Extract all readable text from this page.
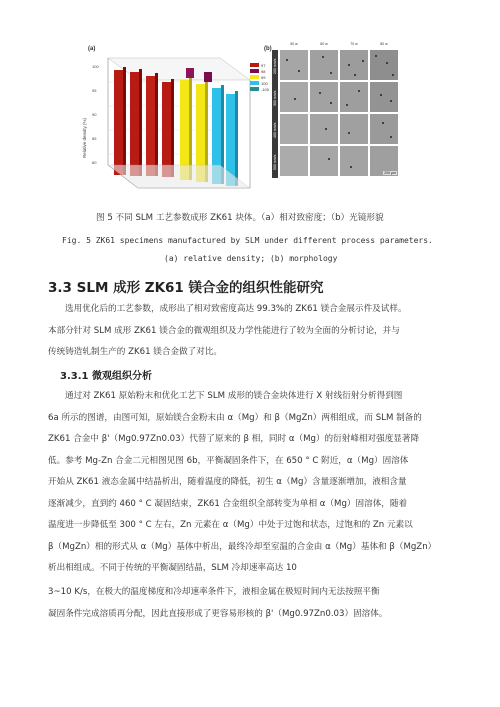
(a)
Relative density (%)
100
95
90
85
80
97
98
99
100
-100
(b)
50 w	60 w	70 w	80 w
200 μm
200 mm/s
300 mm/s
400 mm/s
500 mm/s
图 5 不同 SLM 工艺参数成形 ZK61 块体。（a）相对致密度；（b）光镜形貌
Fig. 5 ZK61 specimens manufactured by SLM under different process parameters.
(a) relative density; (b) morphology
3.3 SLM 成形 ZK61 镁合金的组织性能研究
选用优化后的工艺参数，成形出了相对致密度高达 99.3%的 ZK61 镁合金展示件及试样。
本部分针对 SLM 成形 ZK61 镁合金的微观组织及力学性能进行了较为全面的分析讨论，并与
传统铸造轧制生产的 ZK61 镁合金做了对比。
3.3.1 微观组织分析
通过对 ZK61 原始粉末和优化工艺下 SLM 成形的镁合金块体进行 X 射线衍射分析得到图
6a 所示的图谱，由图可知，原始镁合金粉末由 α（Mg）和 β（MgZn）两相组成，而 SLM 制备的
ZK61 合金中 β'（Mg0.97Zn0.03）代替了原来的 β 相，同时 α（Mg）的衍射峰相对强度显著降
低。参考 Mg-Zn 合金二元相图见图 6b，平衡凝固条件下，在 650 ° C 附近，α（Mg）固溶体
开始从 ZK61 液态金属中结晶析出，随着温度的降低，初生 α（Mg）含量逐渐增加，液相含量
逐渐减少，直到约 460 ° C 凝固结束，ZK61 合金组织全部转变为单相 α（Mg）固溶体，随着
温度进一步降低至 300 ° C 左右，Zn 元素在 α（Mg）中处于过饱和状态，过饱和的 Zn 元素以
β（MgZn）相的形式从 α（Mg）基体中析出，最终冷却至室温的合金由 α（Mg）基体和 β（MgZn）
析出相组成。不同于传统的平衡凝固结晶，SLM 冷却速率高达 10
3~10 K/s，在极大的温度梯度和冷却速率条件下，液相金属在极短时间内无法按照平衡
凝固条件完成溶质再分配，因此直接形成了更容易形核的 β'（Mg0.97Zn0.03）固溶体。
